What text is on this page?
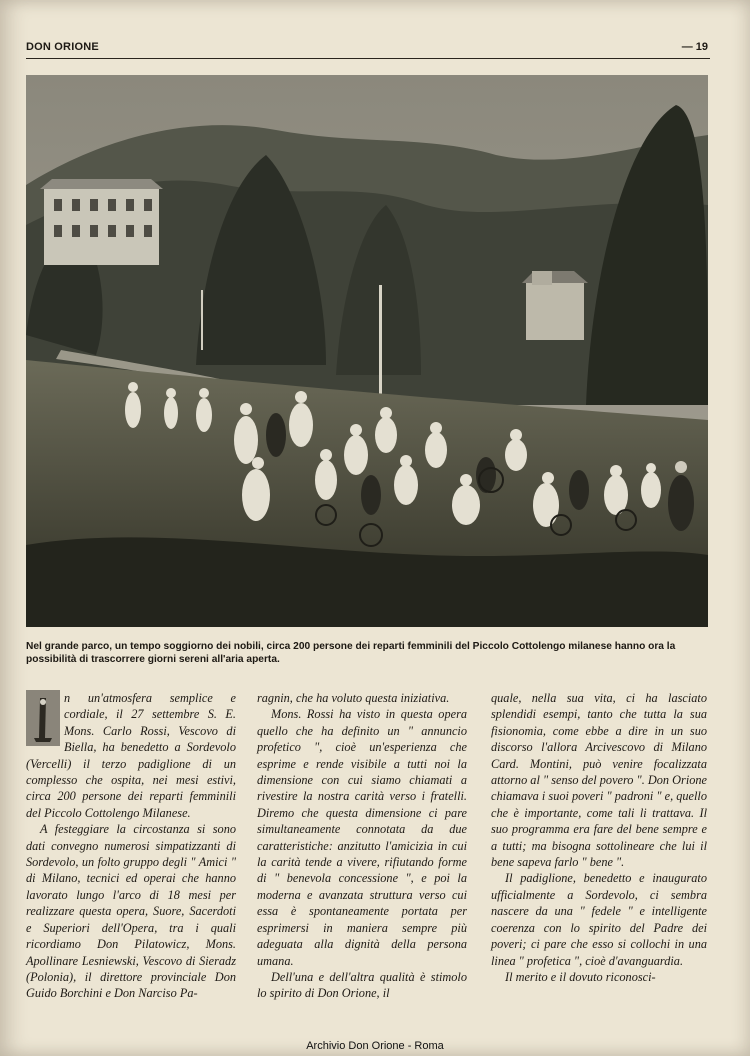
DON ORIONE	— 19
Nel grande parco, un tempo soggiorno dei nobili, circa 200 persone dei reparti femminili del Piccolo Cottolengo milanese hanno ora la possibilità di trascorrere giorni sereni all'aria aperta.

n un'atmosfera semplice e cordiale, il 27 settembre S. E. Mons. Carlo Rossi, Vescovo di Biella, ha benedetto a Sordevolo (Vercelli) il terzo padiglione di un complesso che ospita, nei mesi estivi, circa 200 persone dei reparti femminili del Piccolo Cottolengo Milanese.

A festeggiare la circostanza si sono dati convegno numerosi simpatizzanti di Sordevolo, un folto gruppo degli " Amici " di Milano, tecnici ed operai che hanno lavorato lungo l'arco di 18 mesi per realizzare questa opera, Suore, Sacerdoti e Superiori dell'Opera, tra i quali ricordiamo Don Pilatowicz, Mons. Apollinare Lesniewski, Vescovo di Sieradz (Polonia), il direttore provinciale Don Guido Borchini e Don Narciso Pa-

ragnin, che ha voluto questa iniziativa.

Mons. Rossi ha visto in questa opera quello che ha definito un " annuncio profetico ", cioè un'esperienza che esprime e rende visibile a tutti noi la dimensione con cui siamo chiamati a rivestire la nostra carità verso i fratelli. Diremo che questa dimensione ci pare simultaneamente connotata da due caratteristiche: anzitutto l'amicizia in cui la carità tende a vivere, rifiutando forme di " benevola concessione ", e poi la moderna e avanzata struttura verso cui essa è spontaneamente portata per esprimersi in maniera sempre più adeguata alla dignità della persona umana.

Dell'una e dell'altra qualità è stimolo lo spirito di Don Orione, il

quale, nella sua vita, ci ha lasciato splendidi esempi, tanto che tutta la sua fisionomia, come ebbe a dire in un suo discorso l'allora Arcivescovo di Milano Card. Montini, può venire focalizzata attorno al " senso del povero ". Don Orione chiamava i suoi poveri " padroni " e, quello che è importante, come tali li trattava. Il suo programma era fare del bene sempre e a tutti; ma bisogna sottolineare che lui il bene sapeva farlo " bene ".

Il padiglione, benedetto e inaugurato ufficialmente a Sordevolo, ci sembra nascere da una " fedele " e intelligente coerenza con lo spirito del Padre dei poveri; ci pare che esso si collochi in una linea " profetica ", cioè d'avanguardia.

Il merito e il dovuto riconosci-

Archivio Don Orione - Roma
